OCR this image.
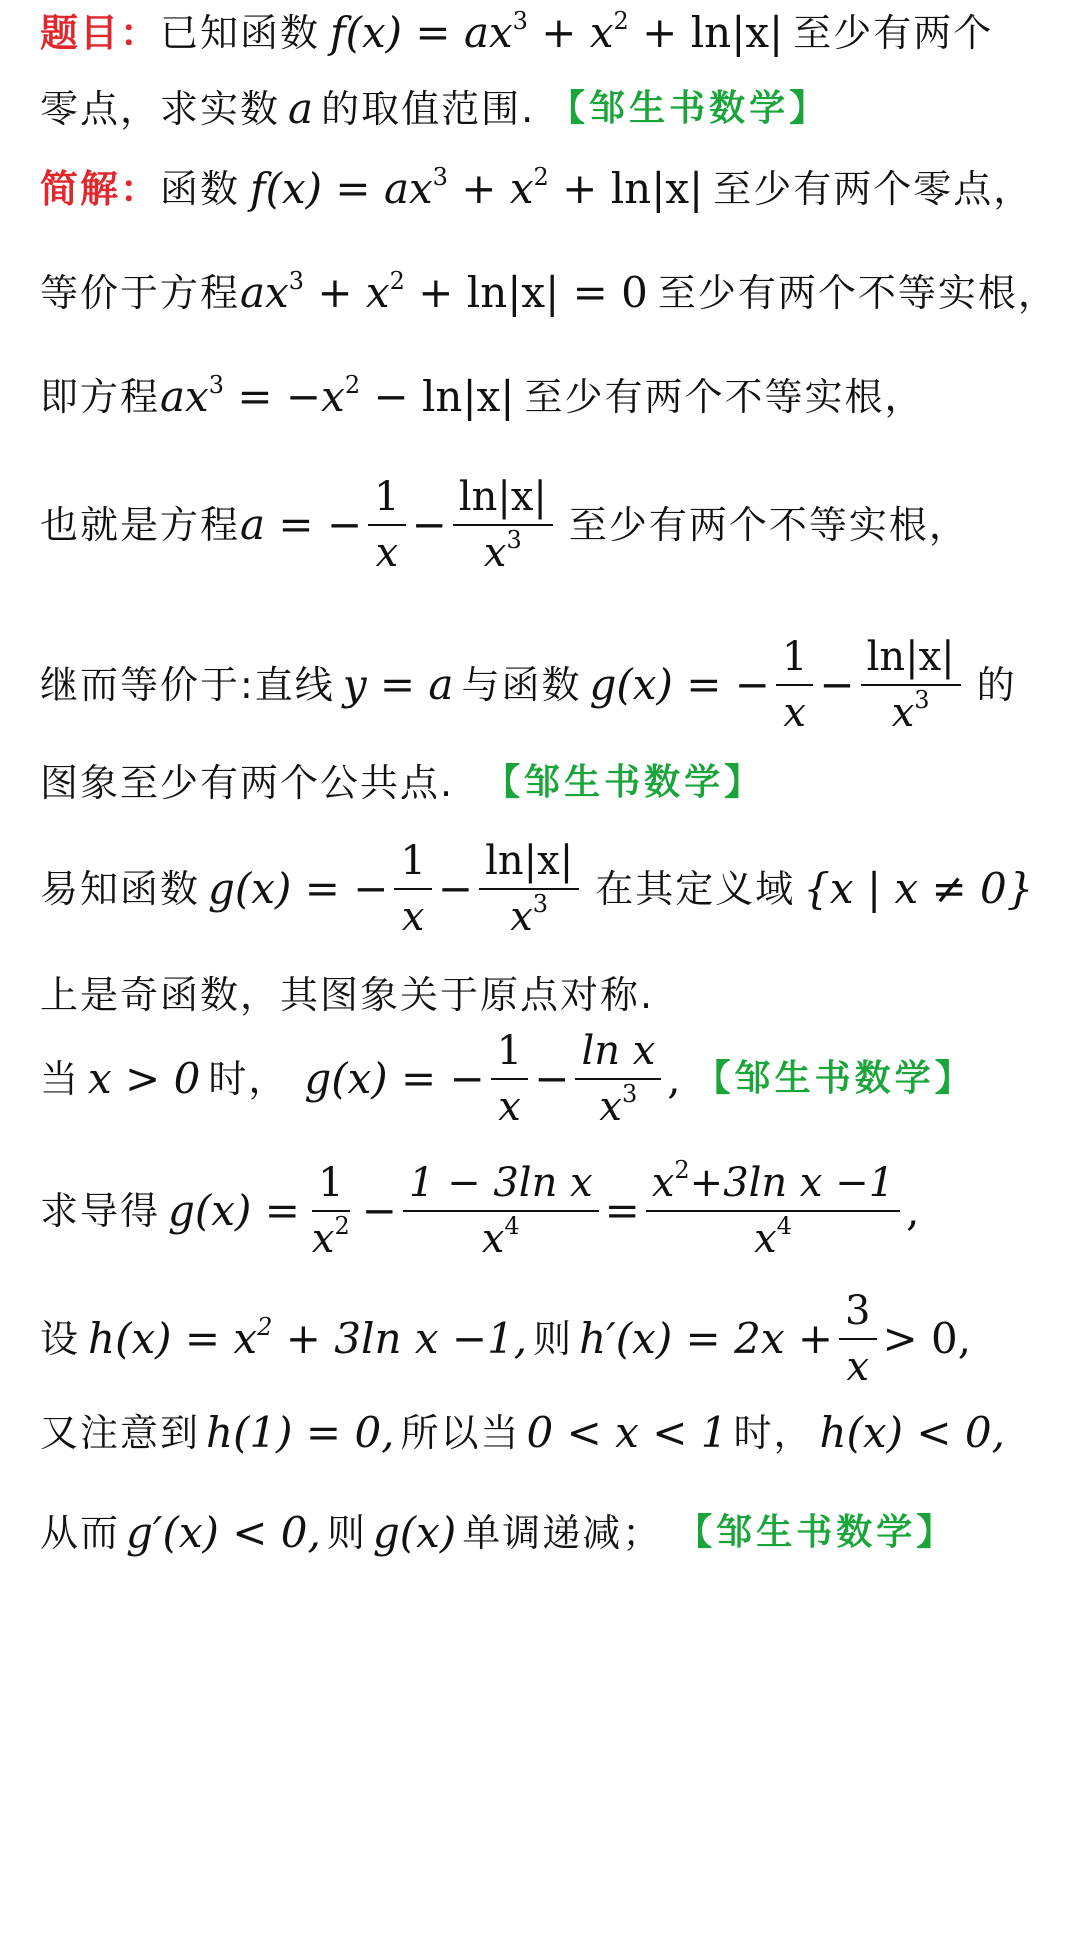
题目： 已知函数 $f(x) = ax^3 + x^2 + \ln|x|$ 至少有两个
零点，求实数 a 的取值范围. 【邹生书数学】
简解： 函数 $f(x) = ax^3 + x^2 + \ln|x|$ 至少有两个零点，
等价于方程 $ax^3 + x^2 + \ln|x| = 0$ 至少有两个不等实根，
即方程 $ax^3 = -x^2 - \ln|x|$ 至少有两个不等实根，
也就是方程 a = − $\frac{1}{x} - \frac{\ln|x|}{x^3}$ 至少有两个不等实根，
继而等价于:直线 y = a 与函数 g(x) = − $\frac{1}{x} - \frac{\ln|x|}{x^3}$ 的
图象至少有两个公共点. 【邹生书数学】
易知函数 g(x) = − $\frac{1}{x} - \frac{\ln|x|}{x^3}$ 在其定义域 {x | x ≠ 0}
上是奇函数，其图象关于原点对称.
当 x > 0 时， g(x) = − $\frac{1}{x} - \frac{\text{ln x}}{x^3}$ , 【邹生书数学】
求导得 $g(x) = \frac{1}{x^2} - \frac{\text{1 − 3ln x}}{x^4} = \frac{x^2+3\ln x -1}{x^4}$ ,
设 $h(x) = x^2 + 3\ln$ x −1, 则 $h'(x) = 2x + \frac{3}{x} > 0$,
又注意到 h(1) = 0, 所以当 0 < x < 1 时， h(x) < 0,
从而 g′(x) < 0, 则 g(x) 单调递减； 【邹生书数学】
